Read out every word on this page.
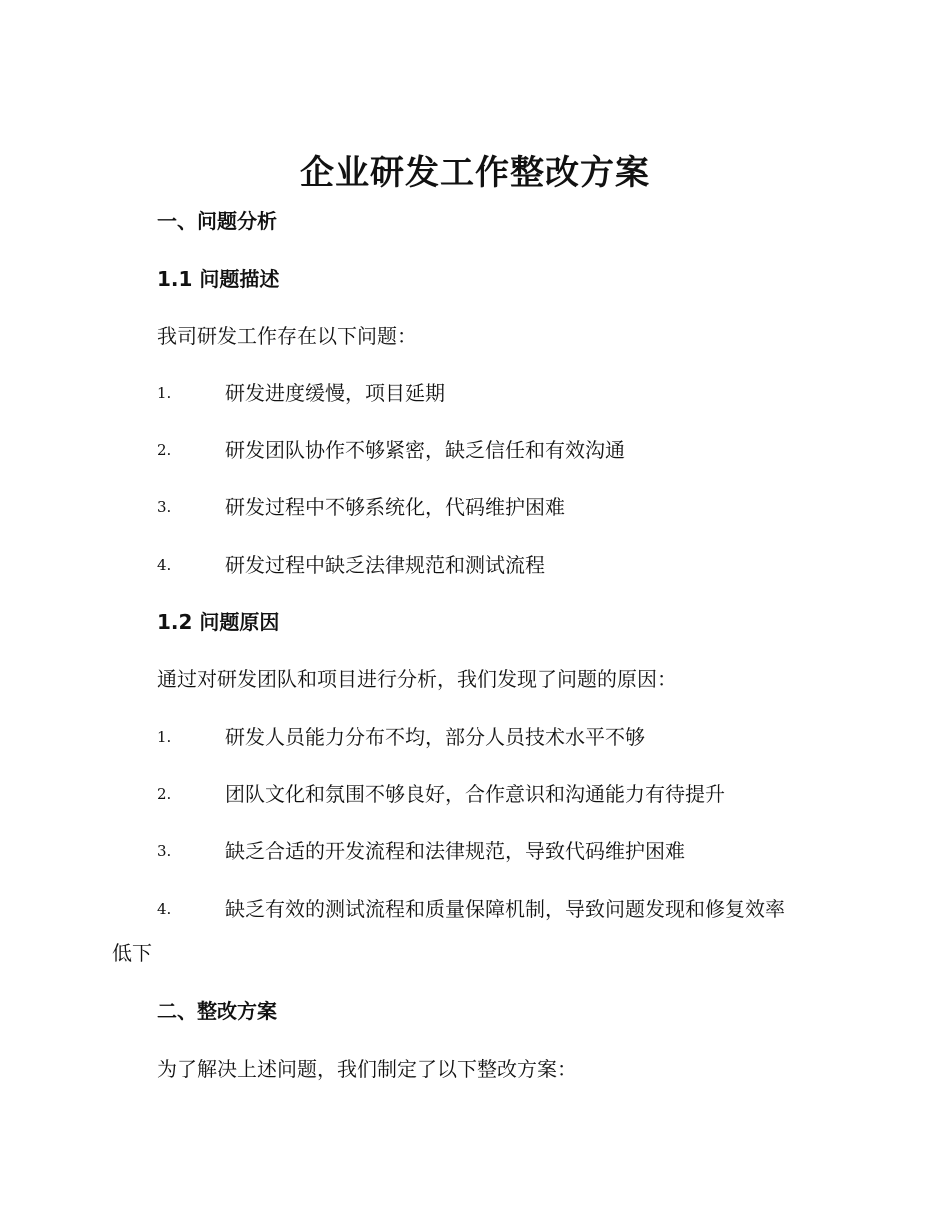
企业研发工作整改方案
一、问题分析
1.1 问题描述
我司研发工作存在以下问题：
1.	研发进度缓慢，项目延期
2.	研发团队协作不够紧密，缺乏信任和有效沟通
3.	研发过程中不够系统化，代码维护困难
4.	研发过程中缺乏法律规范和测试流程
1.2 问题原因
通过对研发团队和项目进行分析，我们发现了问题的原因：
1.	研发人员能力分布不均，部分人员技术水平不够
2.	团队文化和氛围不够良好，合作意识和沟通能力有待提升
3.	缺乏合适的开发流程和法律规范，导致代码维护困难
4.	缺乏有效的测试流程和质量保障机制，导致问题发现和修复效率
低下
二、整改方案
为了解决上述问题，我们制定了以下整改方案：
